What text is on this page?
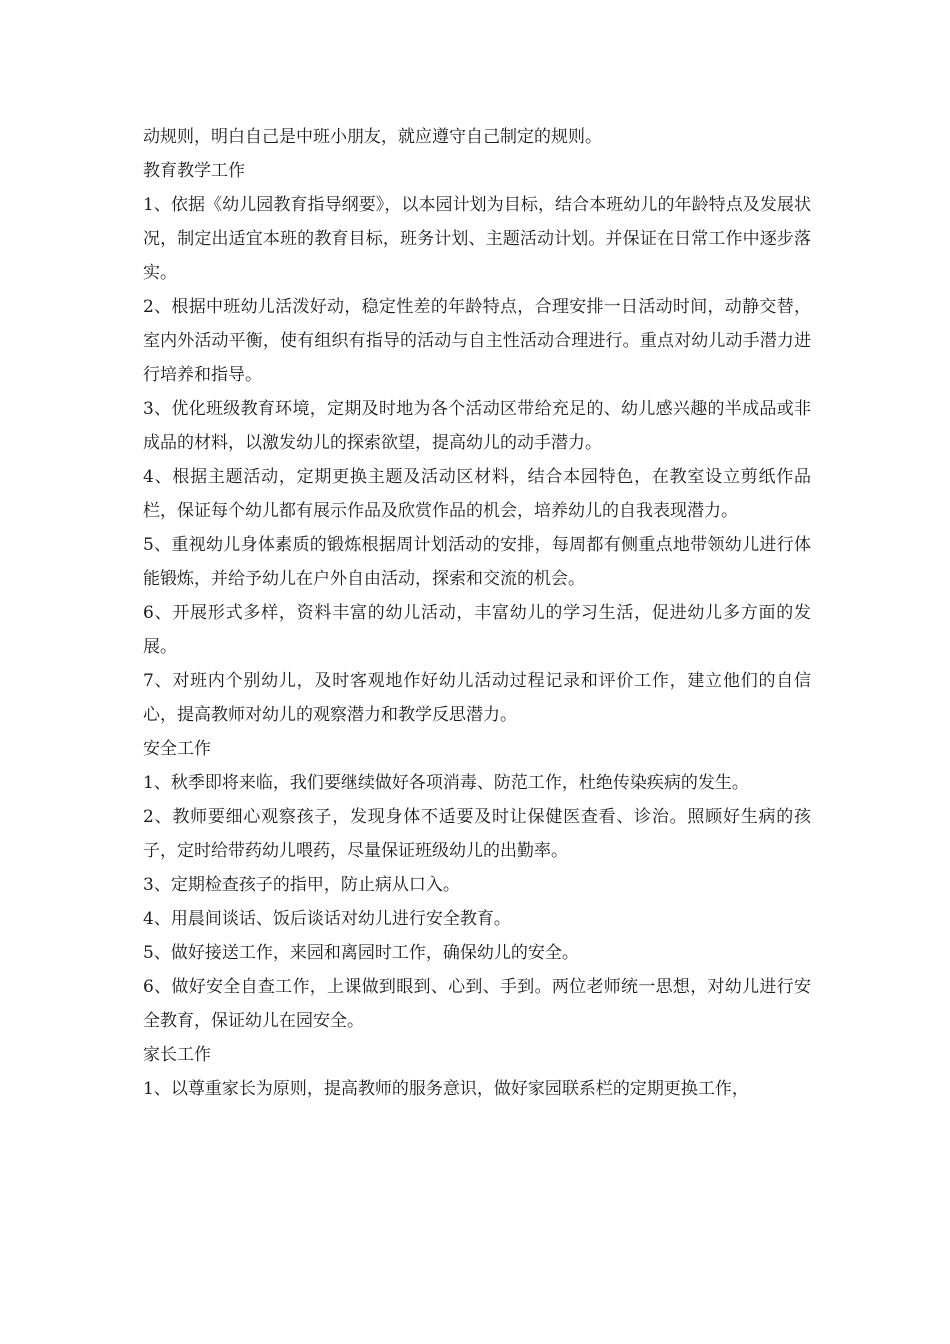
动规则，明白自己是中班小朋友，就应遵守自己制定的规则。

教育教学工作

1、依据《幼儿园教育指导纲要》，以本园计划为目标，结合本班幼儿的年龄特点及发展状况，制定出适宜本班的教育目标，班务计划、主题活动计划。并保证在日常工作中逐步落实。

2、根据中班幼儿活泼好动，稳定性差的年龄特点，合理安排一日活动时间，动静交替，室内外活动平衡，使有组织有指导的活动与自主性活动合理进行。重点对幼儿动手潜力进行培养和指导。

3、优化班级教育环境，定期及时地为各个活动区带给充足的、幼儿感兴趣的半成品或非成品的材料，以激发幼儿的探索欲望，提高幼儿的动手潜力。

4、根据主题活动，定期更换主题及活动区材料，结合本园特色，在教室设立剪纸作品栏，保证每个幼儿都有展示作品及欣赏作品的机会，培养幼儿的自我表现潜力。

5、重视幼儿身体素质的锻炼根据周计划活动的安排，每周都有侧重点地带领幼儿进行体能锻炼，并给予幼儿在户外自由活动，探索和交流的机会。

6、开展形式多样，资料丰富的幼儿活动，丰富幼儿的学习生活，促进幼儿多方面的发展。

7、对班内个别幼儿，及时客观地作好幼儿活动过程记录和评价工作，建立他们的自信心，提高教师对幼儿的观察潜力和教学反思潜力。

安全工作

1、秋季即将来临，我们要继续做好各项消毒、防范工作，杜绝传染疾病的发生。

2、教师要细心观察孩子，发现身体不适要及时让保健医查看、诊治。照顾好生病的孩子，定时给带药幼儿喂药，尽量保证班级幼儿的出勤率。

3、定期检查孩子的指甲，防止病从口入。

4、用晨间谈话、饭后谈话对幼儿进行安全教育。

5、做好接送工作，来园和离园时工作，确保幼儿的安全。

6、做好安全自查工作，上课做到眼到、心到、手到。两位老师统一思想，对幼儿进行安全教育，保证幼儿在园安全。

家长工作

1、以尊重家长为原则，提高教师的服务意识，做好家园联系栏的定期更换工作，
